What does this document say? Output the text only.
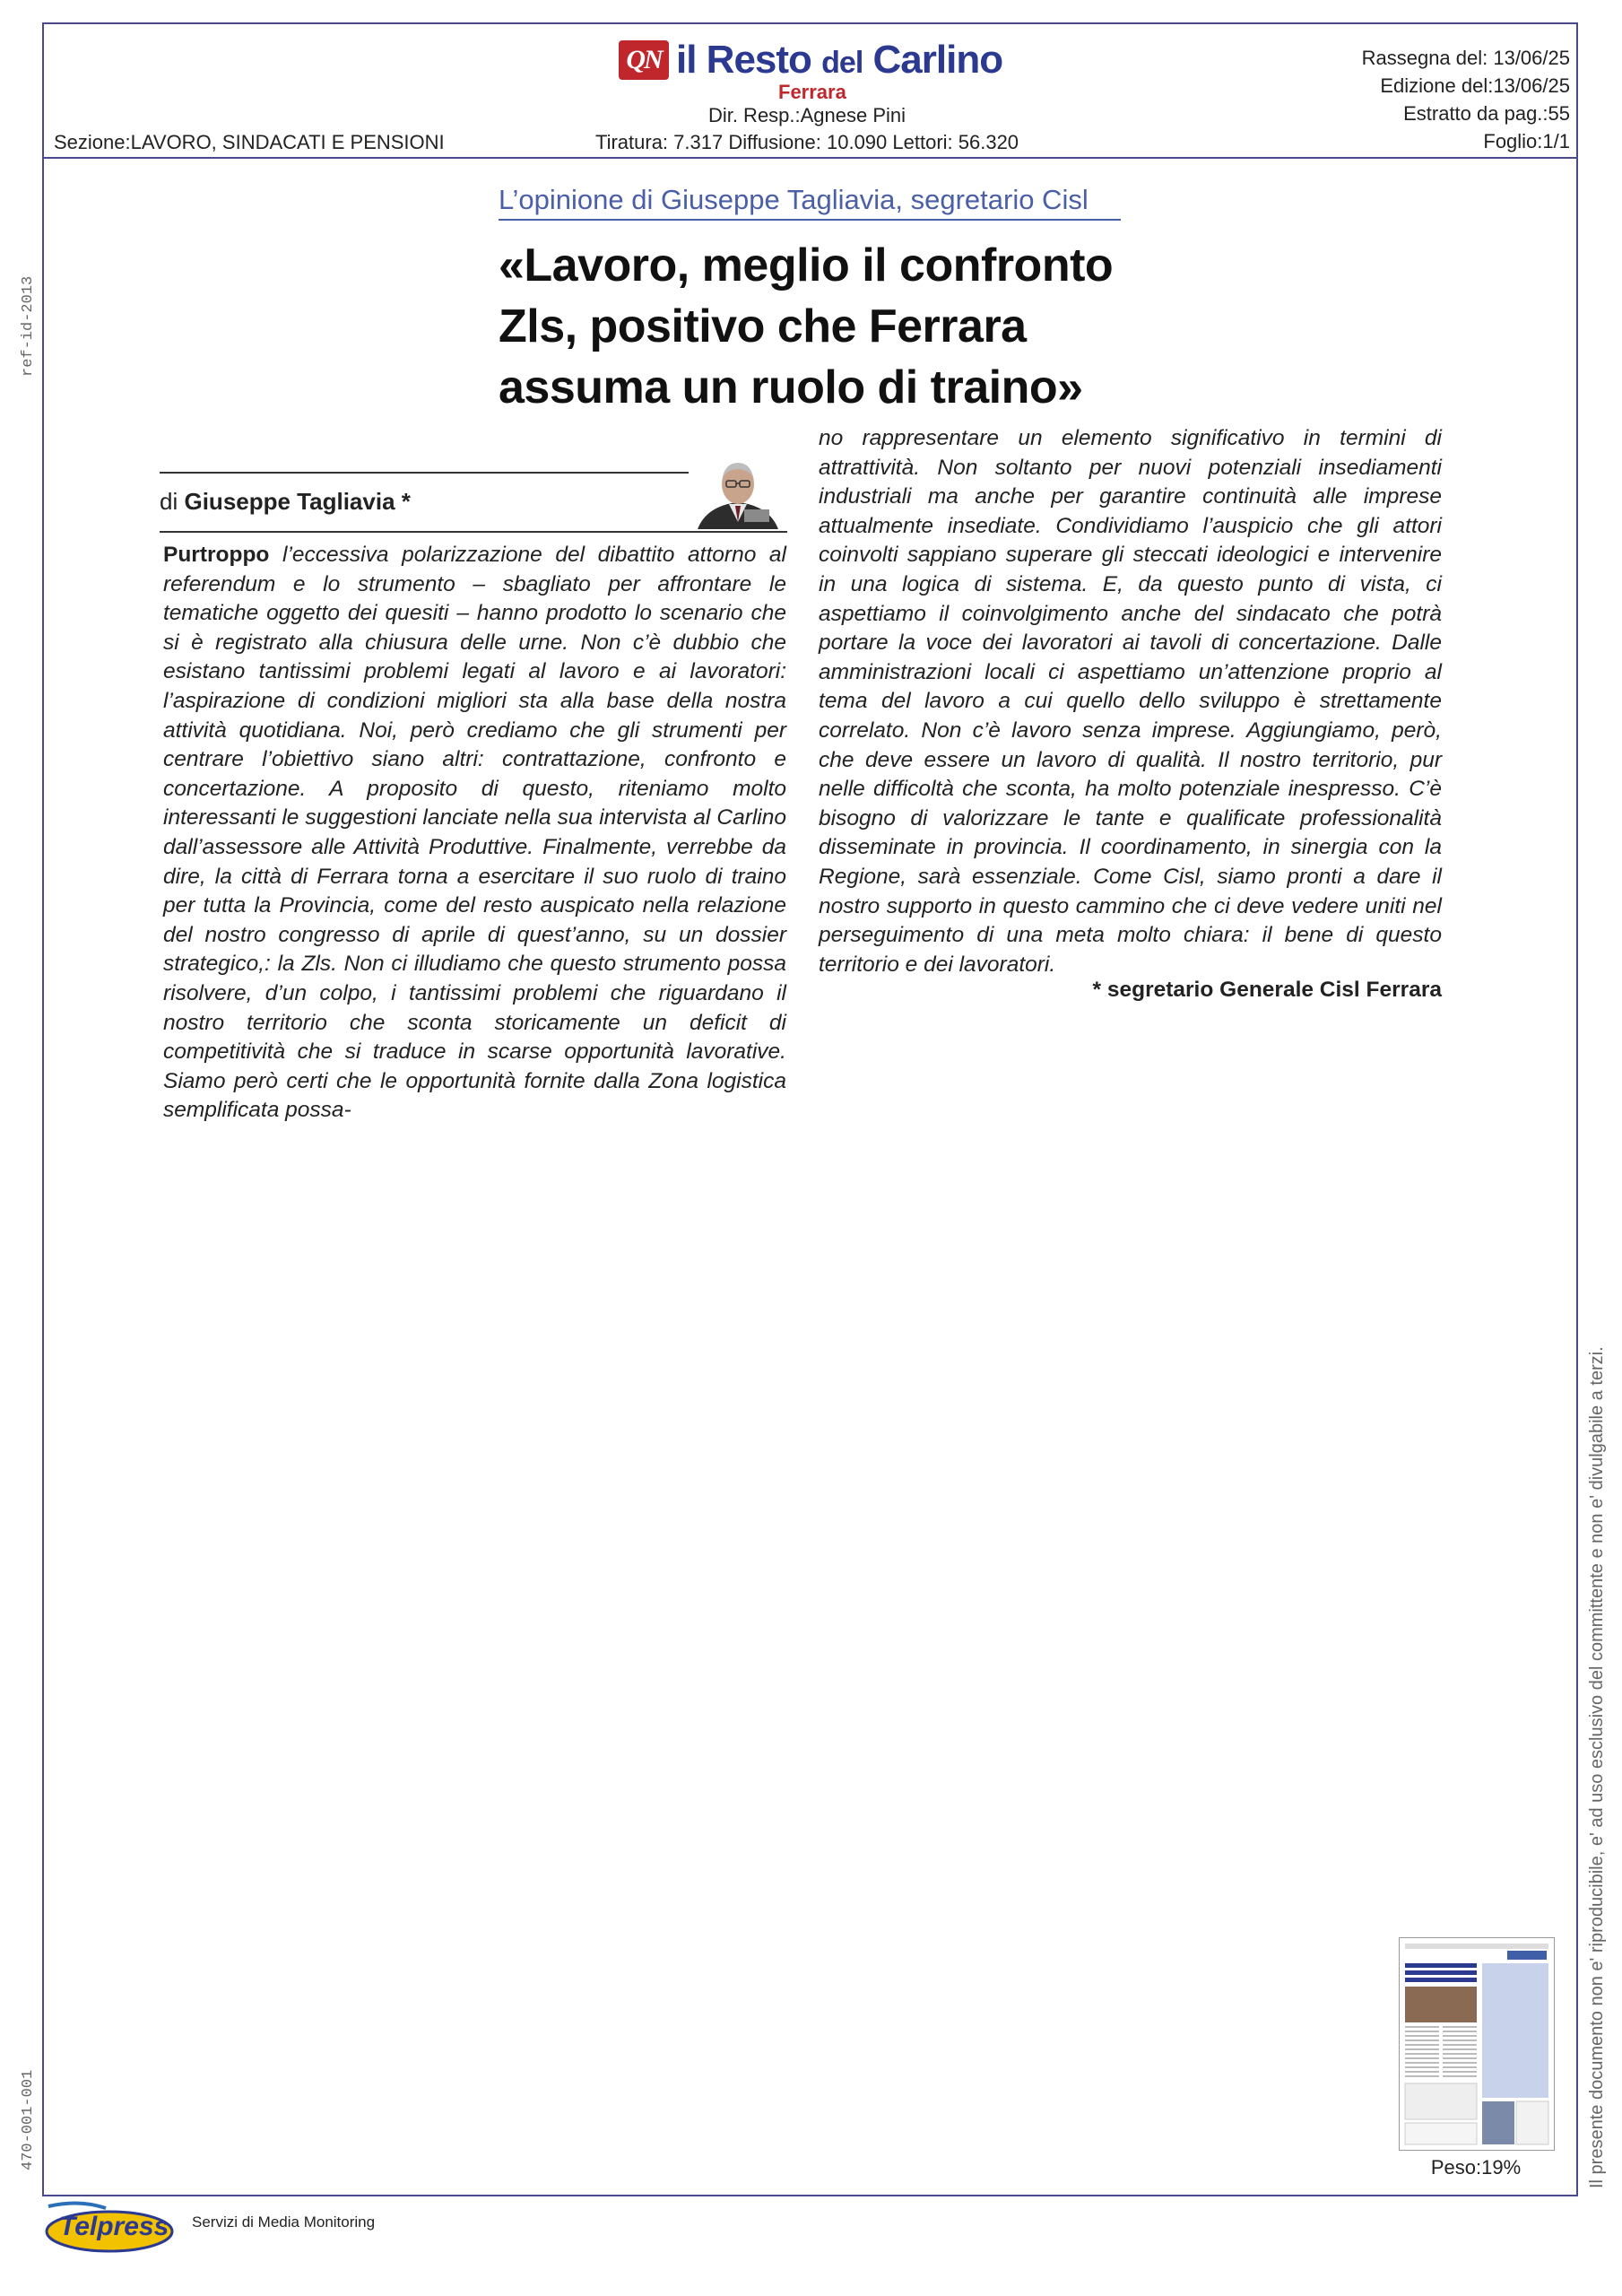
QN il Resto del Carlino
Ferrara
Dir. Resp.:Agnese Pini
Tiratura: 7.317 Diffusione: 10.090 Lettori: 56.320
Sezione:LAVORO, SINDACATI E PENSIONI
Rassegna del: 13/06/25
Edizione del:13/06/25
Estratto da pag.:55
Foglio:1/1
L’opinione di Giuseppe Tagliavia, segretario Cisl
«Lavoro, meglio il confronto Zls, positivo che Ferrara assuma un ruolo di traino»
di Giuseppe Tagliavia *
Purtroppo l’eccessiva polarizzazione del dibattito attorno al referendum e lo strumento – sbagliato per affrontare le tematiche oggetto dei quesiti – hanno prodotto lo scenario che si è registrato alla chiusura delle urne. Non c’è dubbio che esistano tantissimi problemi legati al lavoro e ai lavoratori: l’aspirazione di condizioni migliori sta alla base della nostra attività quotidiana. Noi, però crediamo che gli strumenti per centrare l’obiettivo siano altri: contrattazione, confronto e concertazione. A proposito di questo, riteniamo molto interessanti le suggestioni lanciate nella sua intervista al Carlino dall’assessore alle Attività Produttive. Finalmente, verrebbe da dire, la città di Ferrara torna a esercitare il suo ruolo di traino per tutta la Provincia, come del resto auspicato nella relazione del nostro congresso di aprile di quest’anno, su un dossier strategico,: la Zls. Non ci illudiamo che questo strumento possa risolvere, d’un colpo, i tantissimi problemi che riguardano il nostro territorio che sconta storicamente un deficit di competitività che si traduce in scarse opportunità lavorative. Siamo però certi che le opportunità fornite dalla Zona logistica semplificata possa-
no rappresentare un elemento significativo in termini di attrattività. Non soltanto per nuovi potenziali insediamenti industriali ma anche per garantire continuità alle imprese attualmente insediate. Condividiamo l’auspicio che gli attori coinvolti sappiano superare gli steccati ideologici e intervenire in una logica di sistema. E, da questo punto di vista, ci aspettiamo il coinvolgimento anche del sindacato che potrà portare la voce dei lavoratori ai tavoli di concertazione. Dalle amministrazioni locali ci aspettiamo un’attenzione proprio al tema del lavoro a cui quello dello sviluppo è strettamente correlato. Non c’è lavoro senza imprese. Aggiungiamo, però, che deve essere un lavoro di qualità. Il nostro territorio, pur nelle difficoltà che sconta, ha molto potenziale inespresso. C’è bisogno di valorizzare le tante e qualificate professionalità disseminate in provincia. Il coordinamento, in sinergia con la Regione, sarà essenziale. Come Cisl, siamo pronti a dare il nostro supporto in questo cammino che ci deve vedere uniti nel perseguimento di una meta molto chiara: il bene di questo territorio e dei lavoratori.
* segretario Generale Cisl Ferrara
ref-id-2013
470-001-001	Il presente documento non e' riproducibile, e' ad uso esclusivo del committente e non e' divulgabile a terzi.
Peso:19%
Telpress Servizi di Media Monitoring
